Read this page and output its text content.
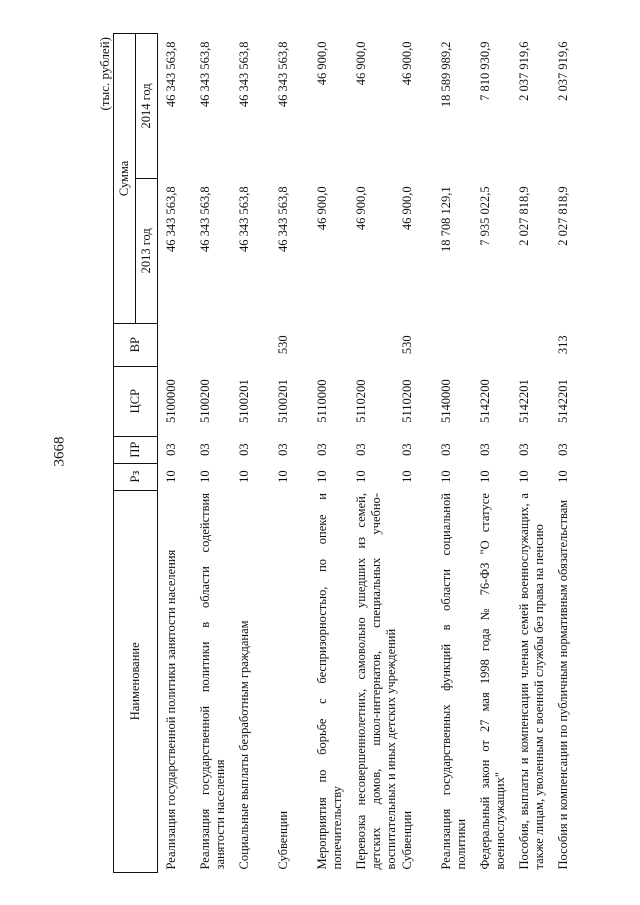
3668
(тыс. рублей)
Наименование	Рз	ПР	ЦСР	ВР	Сумма	
					2013 год	2014 год
Реализация государственной политики занятости населения	10	03	5100000		46 343 563,8	46 343 563,8
Реализация государственной политики в области содействия занятости населения	10	03	5100200		46 343 563,8	46 343 563,8
Социальные выплаты безработным гражданам	10	03	5100201		46 343 563,8	46 343 563,8
Субвенции	10	03	5100201	530	46 343 563,8	46 343 563,8
Мероприятия по борьбе с беспризорностью, по опеке и попечительству	10	03	5110000		46 900,0	46 900,0
Перевозка несовершеннолетних, самовольно ушедших из семей, детских домов, школ-интернатов, специальных учебно-воспитательных и иных детских учреждений	10	03	5110200		46 900,0	46 900,0
Субвенции	10	03	5110200	530	46 900,0	46 900,0
Реализация государственных функций в области социальной политики	10	03	5140000		18 708 129,1	18 589 989,2
Федеральный закон от 27 мая 1998 года № 76-ФЗ "О статусе военнослужащих"	10	03	5142200		7 935 022,5	7 810 930,9
Пособия, выплаты и компенсации членам семей военнослужащих, а также лицам, уволенным с военной службы без права на пенсию	10	03	5142201		2 027 818,9	2 037 919,6
Пособия и компенсации по публичным нормативным обязательствам	10	03	5142201	313	2 027 818,9	2 037 919,6
